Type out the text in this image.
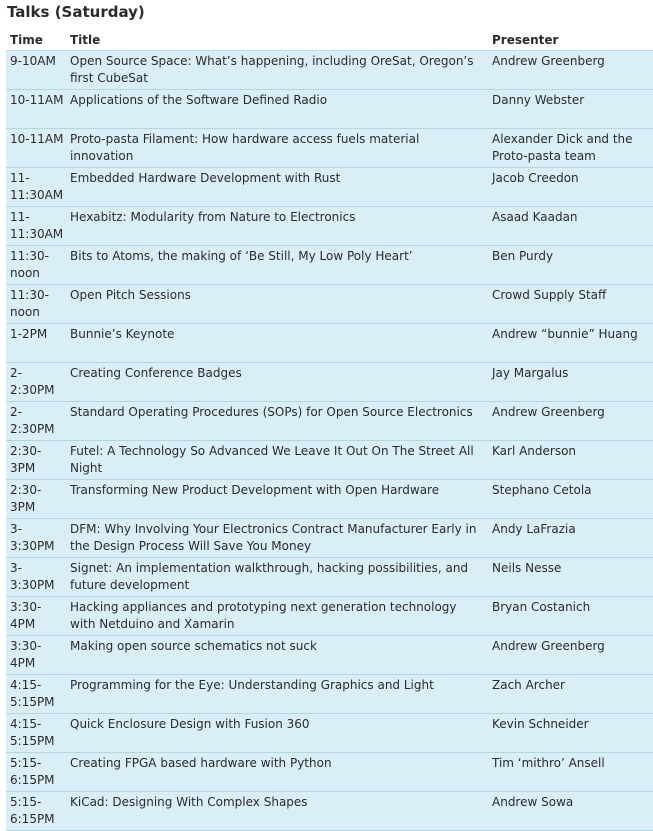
Talks (Saturday)
Time	Title	Presenter
9-10AM	Open Source Space: What’s happening, including OreSat, Oregon’s first CubeSat	Andrew Greenberg
10-​11AM	Applications of the Software Defined Radio	Danny Webster
10-​11AM	Proto-pasta Filament: How hardware access fuels material innovation	Alexander Dick and the Proto-pasta team
11-​11:30AM	Embedded Hardware Development with Rust	Jacob Creedon
11-​11:30AM	Hexabitz: Modularity from Nature to Electronics	Asaad Kaadan
11:30-​noon	Bits to Atoms, the making of ‘Be Still, My Low Poly Heart’	Ben Purdy
11:30-​noon	Open Pitch Sessions	Crowd Supply Staff
1-2PM	Bunnie’s Keynote	Andrew “bunnie” Huang
2-​2:30PM	Creating Conference Badges	Jay Margalus
2-​2:30PM	Standard Operating Procedures (SOPs) for Open Source Electronics	Andrew Greenberg
2:30-​3PM	Futel: A Technology So Advanced We Leave It Out On The Street All Night	Karl Anderson
2:30-​3PM	Transforming New Product Development with Open Hardware	Stephano Cetola
3-​3:30PM	DFM: Why Involving Your Electronics Contract Manufacturer Early in the Design Process Will Save You Money	Andy LaFrazia
3-​3:30PM	Signet: An implementation walkthrough, hacking possibilities, and future development	Neils Nesse
3:30-​4PM	Hacking appliances and prototyping next generation technology with Netduino and Xamarin	Bryan Costanich
3:30-​4PM	Making open source schematics not suck	Andrew Greenberg
4:15-​5:15PM	Programming for the Eye: Understanding Graphics and Light	Zach Archer
4:15-​5:15PM	Quick Enclosure Design with Fusion 360	Kevin Schneider
5:15-​6:15PM	Creating FPGA based hardware with Python	Tim ‘mithro’ Ansell
5:15-​6:15PM	KiCad: Designing With Complex Shapes	Andrew Sowa
